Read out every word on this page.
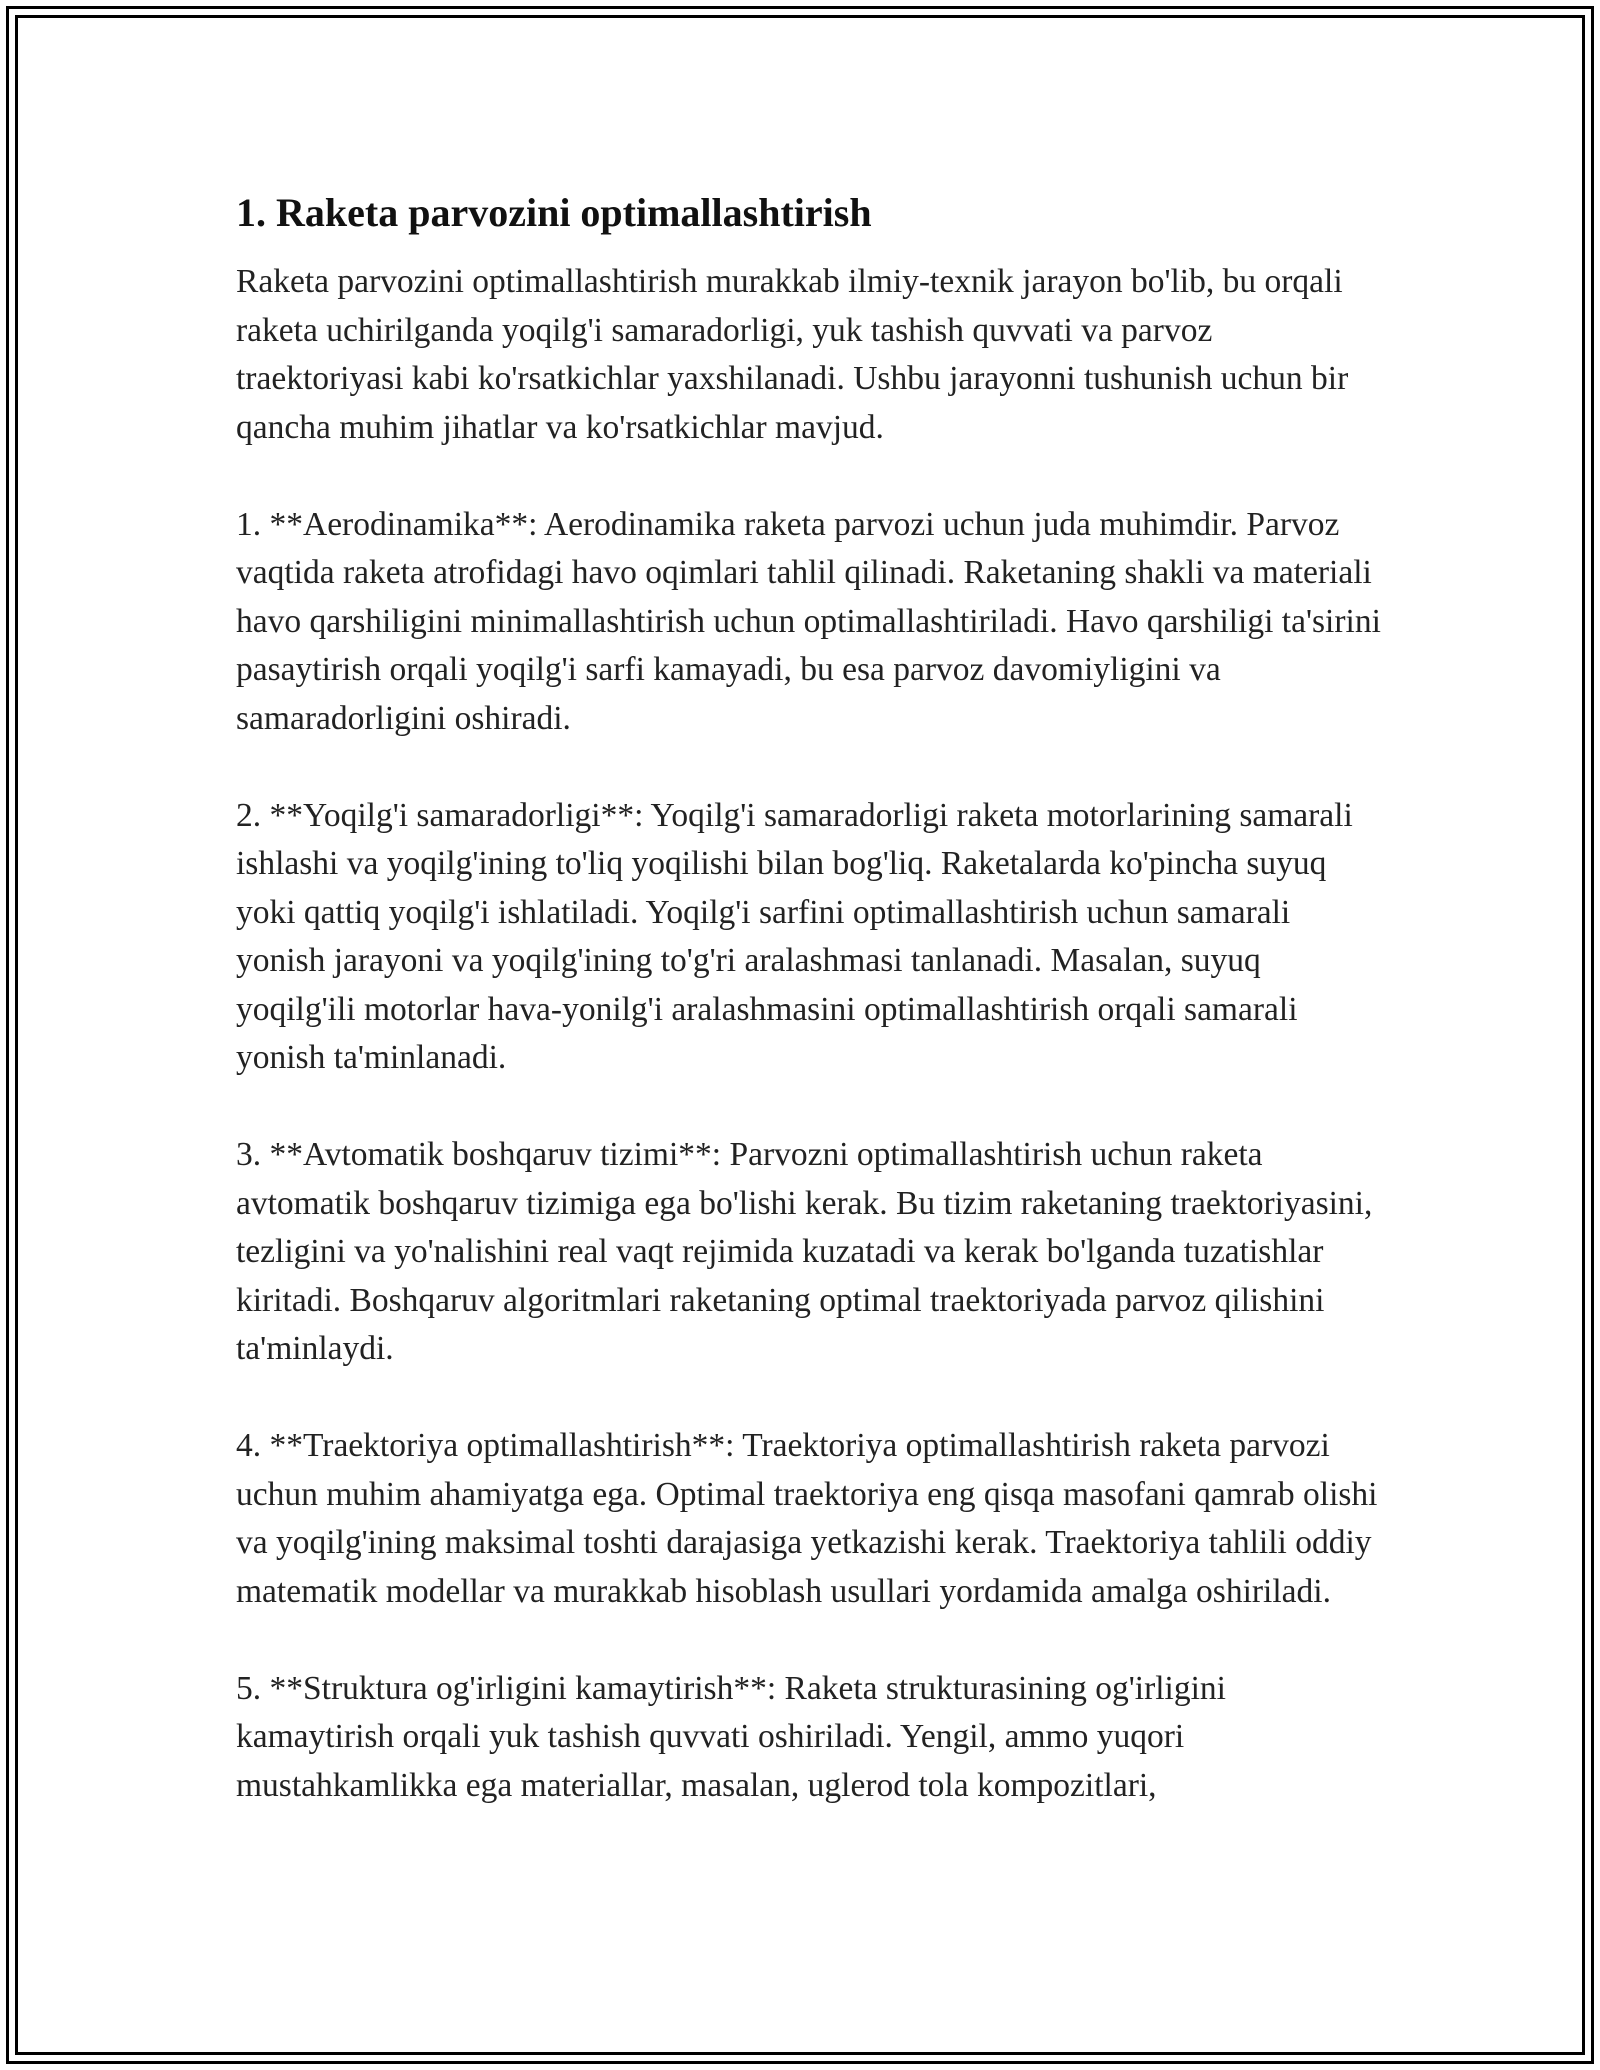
1. Raketa parvozini optimallashtirish

Raketa parvozini optimallashtirish murakkab ilmiy-texnik jarayon bo'lib, bu orqali raketa uchirilganda yoqilg'i samaradorligi, yuk tashish quvvati va parvoz traektoriyasi kabi ko'rsatkichlar yaxshilanadi. Ushbu jarayonni tushunish uchun bir qancha muhim jihatlar va ko'rsatkichlar mavjud.

1. **Aerodinamika**: Aerodinamika raketa parvozi uchun juda muhimdir. Parvoz vaqtida raketa atrofidagi havo oqimlari tahlil qilinadi. Raketaning shakli va materiali havo qarshiligini minimallashtirish uchun optimallashtiriladi. Havo qarshiligi ta'sirini pasaytirish orqali yoqilg'i sarfi kamayadi, bu esa parvoz davomiyligini va samaradorligini oshiradi.

2. **Yoqilg'i samaradorligi**: Yoqilg'i samaradorligi raketa motorlarining samarali ishlashi va yoqilg'ining to'liq yoqilishi bilan bog'liq. Raketalarda ko'pincha suyuq yoki qattiq yoqilg'i ishlatiladi. Yoqilg'i sarfini optimallashtirish uchun samarali yonish jarayoni va yoqilg'ining to'g'ri aralashmasi tanlanadi. Masalan, suyuq yoqilg'ili motorlar hava-yonilg'i aralashmasini optimallashtirish orqali samarali yonish ta'minlanadi.

3. **Avtomatik boshqaruv tizimi**: Parvozni optimallashtirish uchun raketa avtomatik boshqaruv tizimiga ega bo'lishi kerak. Bu tizim raketaning traektoriyasini, tezligini va yo'nalishini real vaqt rejimida kuzatadi va kerak bo'lganda tuzatishlar kiritadi. Boshqaruv algoritmlari raketaning optimal traektoriyada parvoz qilishini ta'minlaydi.

4. **Traektoriya optimallashtirish**: Traektoriya optimallashtirish raketa parvozi uchun muhim ahamiyatga ega. Optimal traektoriya eng qisqa masofani qamrab olishi va yoqilg'ining maksimal toshti darajasiga yetkazishi kerak. Traektoriya tahlili oddiy matematik modellar va murakkab hisoblash usullari yordamida amalga oshiriladi.

5. **Struktura og'irligini kamaytirish**: Raketa strukturasining og'irligini kamaytirish orqali yuk tashish quvvati oshiriladi. Yengil, ammo yuqori mustahkamlikka ega materiallar, masalan, uglerod tola kompozitlari,
